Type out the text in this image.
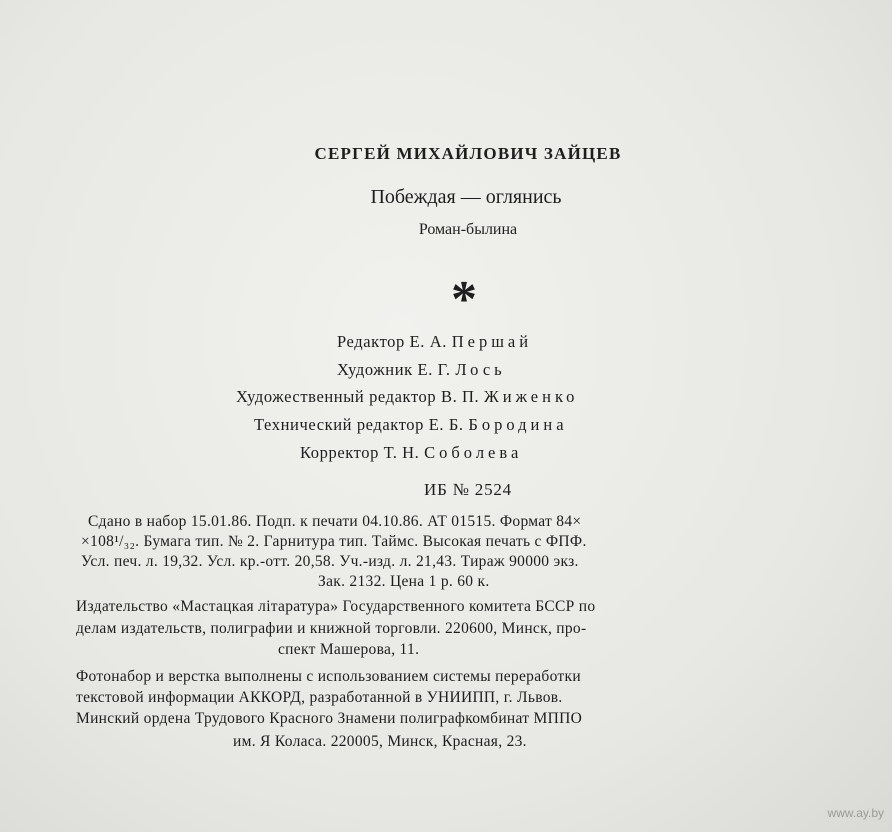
СЕРГЕЙ МИХАЙЛОВИЧ ЗАЙЦЕВ
Побеждая — оглянись
Роман-былина
*
Редактор Е. А. Першай
Художник Е. Г. Лось
Художественный редактор В. П. Жиженко
Технический редактор Е. Б. Бородина
Корректор Т. Н. Соболева
ИБ № 2524
Сдано в набор 15.01.86. Подп. к печати 04.10.86. АТ 01515. Формат 84×
×108¹/₃₂. Бумага тип. № 2. Гарнитура тип. Таймс. Высокая печать с ФПФ.
Усл. печ. л. 19,32. Усл. кр.-отт. 20,58. Уч.-изд. л. 21,43. Тираж 90000 экз.
Зак. 2132. Цена 1 р. 60 к.
Издательство «Мастацкая літаратура» Государственного комитета БССР по
делам издательств, полиграфии и книжной торговли. 220600, Минск, про-
спект Машерова, 11.
Фотонабор и верстка выполнены с использованием системы переработки
текстовой информации АККОРД, разработанной в УНИИПП, г. Львов.
Минский ордена Трудового Красного Знамени полиграфкомбинат МППО
им. Я Коласа. 220005, Минск, Красная, 23.
www.ay.by
